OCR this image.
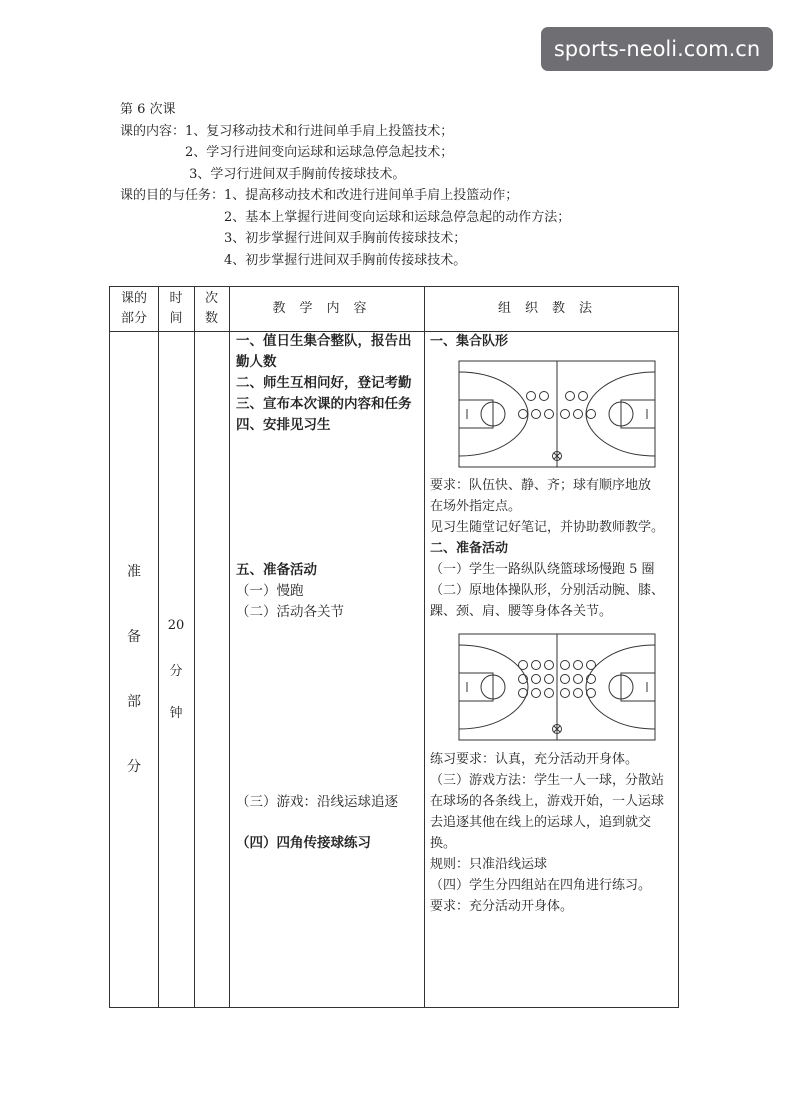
sports-neoli.com.cn
第 6 次课
课的内容：1、复习移动技术和行进间单手肩上投篮技术；
　　　　　2、学习行进间变向运球和运球急停急起技术；
　　　　　 3、学习行进间双手胸前传接球技术。
课的目的与任务：1、提高移动技术和改进行进间单手肩上投篮动作；
　　　　　　　　2、基本上掌握行进间变向运球和运球急停急起的动作方法；
　　　　　　　　3、初步掌握行进间双手胸前传接球技术；
　　　　　　　　4、初步掌握行进间双手胸前传接球技术。
课的
部分
时
间
次
数
教学内容	组织教法
准
备
部
分
20
分
钟
一、值日生集合整队，报告出
勤人数
二、师生互相问好，登记考勤
三、宣布本次课的内容和任务
四、安排见习生
五、准备活动
（一）慢跑
（二）活动各关节
（三）游戏：沿线运球追逐
（四）四角传接球练习
一、集合队形
要求：队伍快、静、齐；球有顺序地放
在场外指定点。
见习生随堂记好笔记，并协助教师教学。
二、准备活动
（一）学生一路纵队绕篮球场慢跑 5 圈
（二）原地体操队形，分别活动腕、膝、
踝、颈、肩、腰等身体各关节。
练习要求：认真，充分活动开身体。
（三）游戏方法：学生一人一球，分散站
在球场的各条线上，游戏开始，一人运球
去追逐其他在线上的运球人，追到就交
换。
规则：只准沿线运球
（四）学生分四组站在四角进行练习。
要求：充分活动开身体。
